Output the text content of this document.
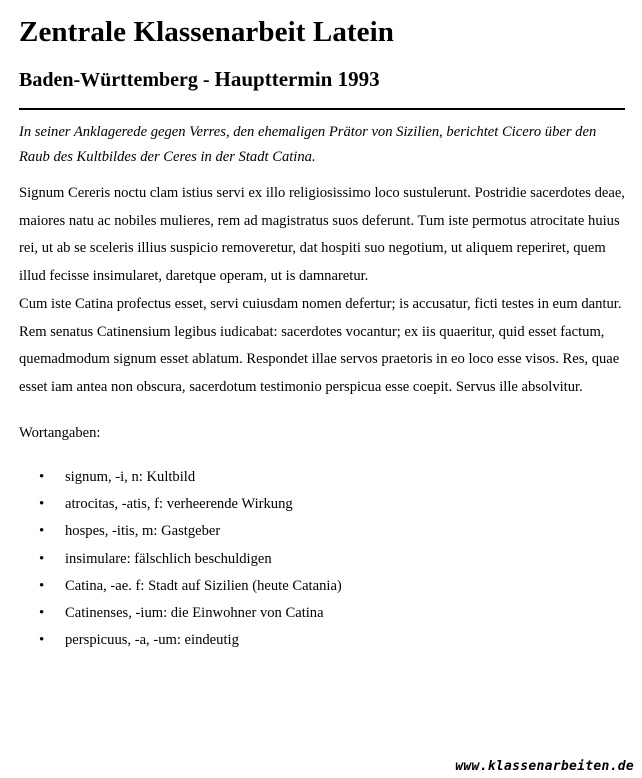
Zentrale Klassenarbeit Latein
Baden-Württemberg - Haupttermin 1993

In seiner Anklagerede gegen Verres, den ehemaligen Prätor von Sizilien, berichtet Cicero über den Raub des Kultbildes der Ceres in der Stadt Catina.

Signum Cereris noctu clam istius servi ex illo religiosissimo loco sustulerunt. Postridie sacerdotes deae, maiores natu ac nobiles mulieres, rem ad magistratus suos deferunt. Tum iste permotus atrocitate huius rei, ut ab se sceleris illius suspicio removeretur, dat hospiti suo negotium, ut aliquem reperiret, quem illud fecisse insimularet, daretque operam, ut is damnaretur.

Cum iste Catina profectus esset, servi cuiusdam nomen defertur; is accusatur, ficti testes in eum dantur. Rem senatus Catinensium legibus iudicabat: sacerdotes vocantur; ex iis quaeritur, quid esset factum, quemadmodum signum esset ablatum. Respondet illae servos praetoris in eo loco esse visos. Res, quae esset iam antea non obscura, sacerdotum testimonio perspicua esse coepit. Servus ille absolvitur.

Wortangaben:
• signum, -i, n: Kultbild
• atrocitas, -atis, f: verheerende Wirkung
• hospes, -itis, m: Gastgeber
• insimulare: fälschlich beschuldigen
• Catina, -ae. f: Stadt auf Sizilien (heute Catania)
• Catinenses, -ium: die Einwohner von Catina
• perspicuus, -a, -um: eindeutig
www.klassenarbeiten.de
